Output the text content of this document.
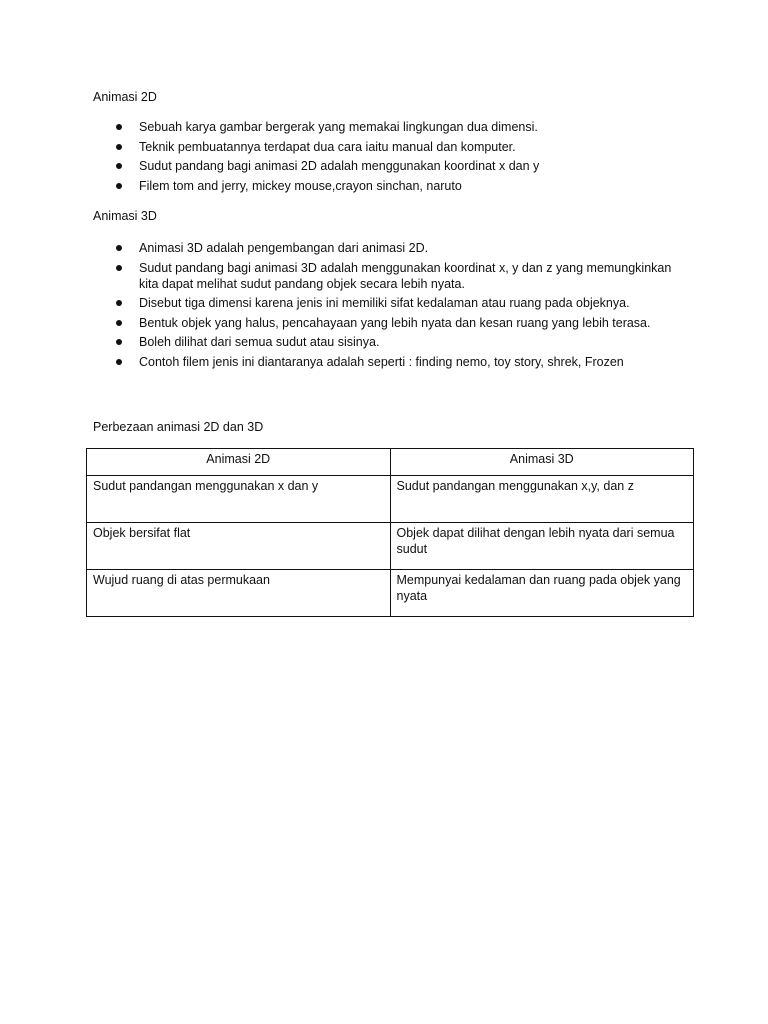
Animasi 2D
Sebuah karya gambar bergerak yang memakai lingkungan dua dimensi.
Teknik pembuatannya terdapat dua cara iaitu manual dan komputer.
Sudut pandang bagi animasi 2D adalah menggunakan koordinat x dan y
Filem tom and jerry, mickey mouse,crayon sinchan, naruto
Animasi 3D
Animasi 3D adalah pengembangan dari animasi 2D.
Sudut pandang bagi animasi 3D adalah menggunakan koordinat x, y dan z yang memungkinkan kita dapat melihat sudut pandang objek secara lebih nyata.
Disebut tiga dimensi karena jenis ini memiliki sifat kedalaman atau ruang pada objeknya.
Bentuk objek yang halus, pencahayaan yang lebih nyata dan kesan ruang yang lebih terasa.
Boleh dilihat dari semua sudut atau sisinya.
Contoh filem jenis ini diantaranya adalah seperti : finding nemo, toy story, shrek, Frozen
Perbezaan animasi 2D dan 3D
Animasi 2D	Animasi 3D
Sudut pandangan menggunakan x dan y	Sudut pandangan menggunakan x,y, dan z
Objek bersifat flat	Objek dapat dilihat dengan lebih nyata dari semua sudut
Wujud ruang di atas permukaan	Mempunyai kedalaman dan ruang pada objek yang nyata
